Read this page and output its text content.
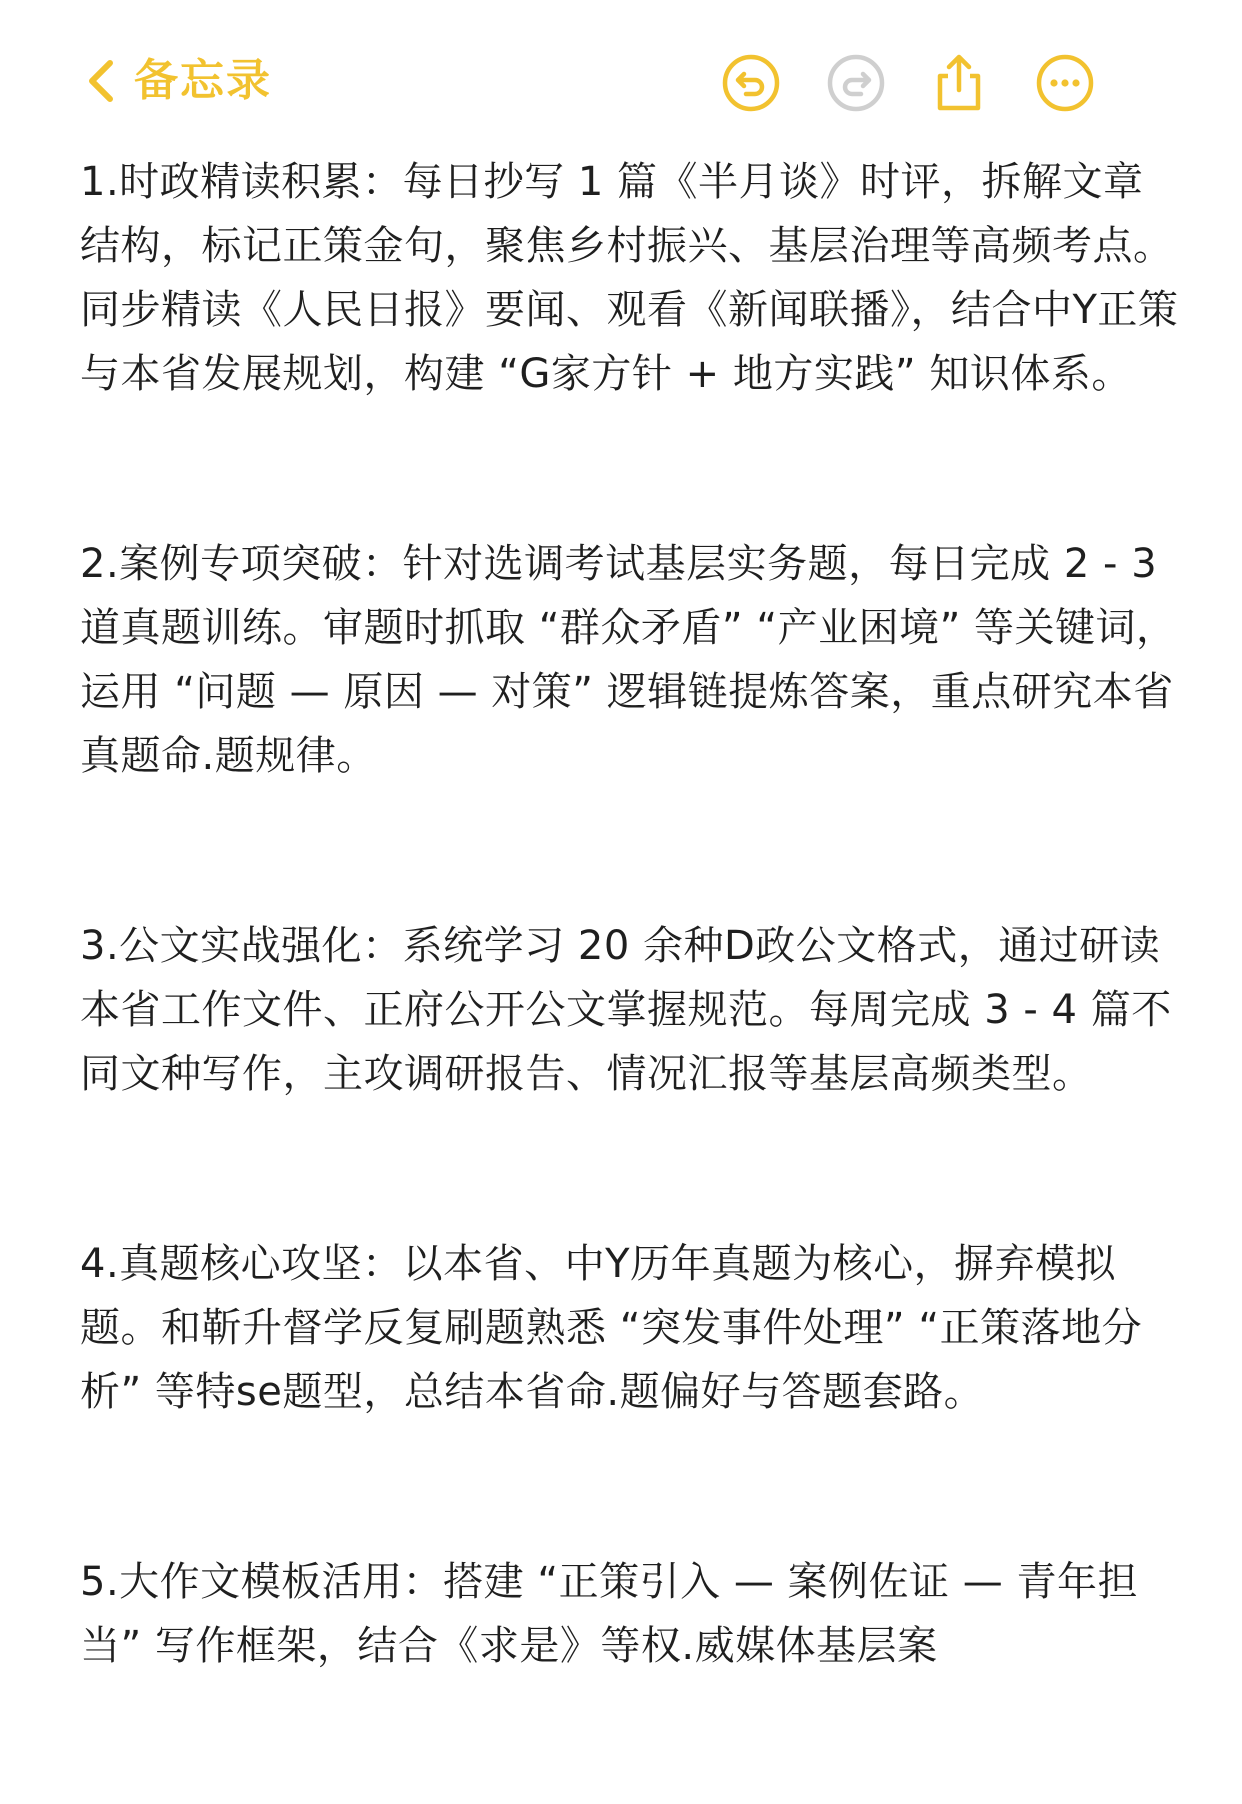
备忘录

1.时政精读积累：每日抄写 1 篇《半月谈》时评，拆解文章结构，标记正策金句，聚焦乡村振兴、基层治理等高频考点。同步精读《人民日报》要闻、观看《新闻联播》，结合中Y正策与本省发展规划，构建 “G家方针 + 地方实践” 知识体系。

2.案例专项突破：针对选调考试基层实务题，每日完成 2 - 3 道真题训练。审题时抓取 “群众矛盾” “产业困境” 等关键词，运用 “问题 — 原因 — 对策” 逻辑链提炼答案，重点研究本省真题命.题规律。

3.公文实战强化：系统学习 20 余种D政公文格式，通过研读本省工作文件、正府公开公文掌握规范。每周完成 3 - 4 篇不同文种写作，主攻调研报告、情况汇报等基层高频类型。

4.真题核心攻坚：以本省、中Y历年真题为核心，摒弃模拟题。和靳升督学反复刷题熟悉 “突发事件处理” “正策落地分析” 等特se题型，总结本省命.题偏好与答题套路。

5.大作文模板活用：搭建 “正策引入 — 案例佐证 — 青年担当” 写作框架，结合《求是》等权.威媒体基层案
